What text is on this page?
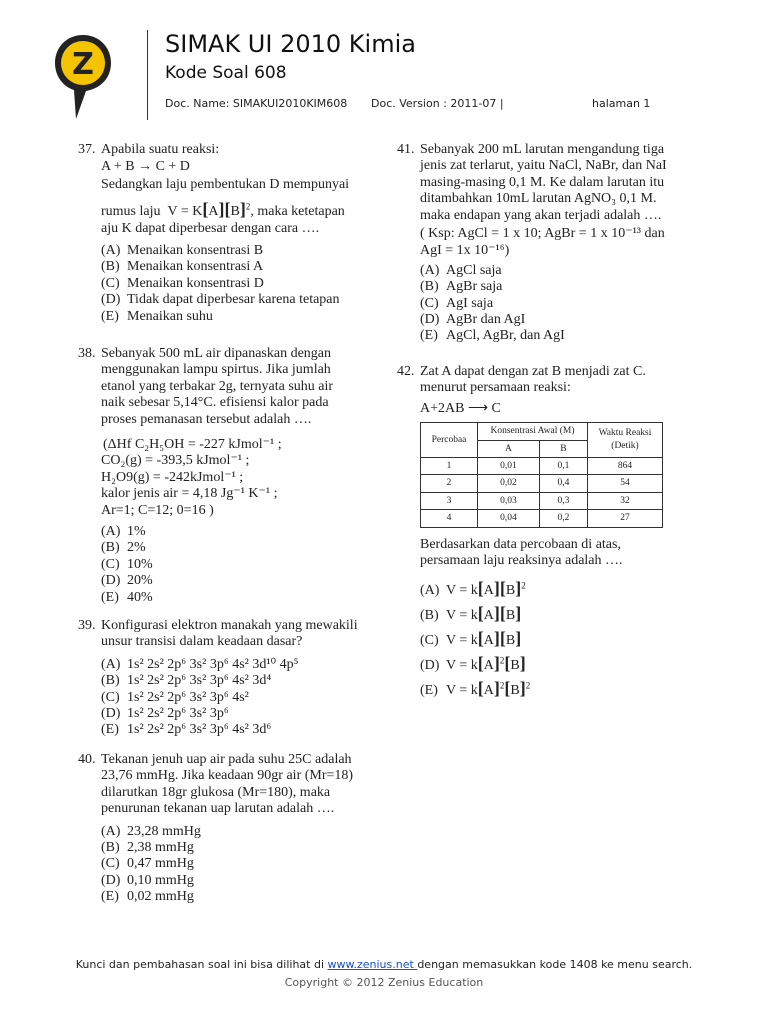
Z
SIMAK UI 2010 Kimia
Kode Soal 608
Doc. Name: SIMAKUI2010KIM608 Doc. Version : 2011-07 |	halaman 1
37. Apabila suatu reaksi:
A + B → C + D
Sedangkan laju pembentukan D mempunyai
rumus laju  $V = K[A][B]^2$, maka ketetapan
aju K dapat diperbesar dengan cara ….
(A) Menaikan konsentrasi B
(B) Menaikan konsentrasi A
(C) Menaikan konsentrasi D
(D) Tidak dapat diperbesar karena tetapan
(E) Menaikan suhu
38. Sebanyak 500 mL air dipanaskan dengan
menggunakan lampu spirtus. Jika jumlah
etanol yang terbakar 2g, ternyata suhu air
naik sebesar 5,14°C. efisiensi kalor pada
proses pemanasan tersebut adalah ….
(ΔHf C₂H₅OH = -227 kJmol⁻¹ ;
CO₂(g) = -393,5 kJmol⁻¹ ;
H₂O9(g) = -242kJmol⁻¹ ;
kalor jenis air = 4,18 Jg⁻¹ K⁻¹ ;
Ar=1; C=12; 0=16 )
(A) 1%
(B) 2%
(C) 10%
(D) 20%
(E) 40%
39. Konfigurasi elektron manakah yang mewakili
unsur transisi dalam keadaan dasar?
(A) 1s² 2s² 2p⁶ 3s² 3p⁶ 4s² 3d¹⁰ 4p⁵
(B) 1s² 2s² 2p⁶ 3s² 3p⁶ 4s² 3d⁴
(C) 1s² 2s² 2p⁶ 3s² 3p⁶ 4s²
(D) 1s² 2s² 2p⁶ 3s² 3p⁶
(E) 1s² 2s² 2p⁶ 3s² 3p⁶ 4s² 3d⁶
40. Tekanan jenuh uap air pada suhu 25C adalah
23,76 mmHg. Jika keadaan 90gr air (Mr=18)
dilarutkan 18gr glukosa (Mr=180), maka
penurunan tekanan uap larutan adalah ….
(A) 23,28 mmHg
(B) 2,38 mmHg
(C) 0,47 mmHg
(D) 0,10 mmHg
(E) 0,02 mmHg
41. Sebanyak 200 mL larutan mengandung tiga
jenis zat terlarut, yaitu NaCl, NaBr, dan NaI
masing-masing 0,1 M. Ke dalam larutan itu
ditambahkan 10mL larutan AgNO₃ 0,1 M.
maka endapan yang akan terjadi adalah ….
( Ksp: AgCl = 1 x 10; AgBr = 1 x 10⁻¹³ dan
AgI = 1x 10⁻¹⁶)
(A) AgCl saja
(B) AgBr saja
(C) AgI saja
(D) AgBr dan AgI
(E) AgCl, AgBr, dan AgI
42. Zat A dapat dengan zat B menjadi zat C.
menurut persamaan reaksi:
A+2AB ⟶ C
Percobaa	Konsentrasi Awal (M)		Waktu Reaksi (Detik)
	A	B	
1	0,01	0,1	864
2	0,02	0,4	54
3	0,03	0,3	32
4	0,04	0,2	27
Berdasarkan data percobaan di atas,
persamaan laju reaksinya adalah ….
(A) $V = k[A][B]^2$
(B) V = k[A][B]
(C) V = k[A][B]
(D) $V = k[A]^2[B]$
(E) $V = k[A]^2[B]^2$
Kunci dan pembahasan soal ini bisa dilihat di www.zenius.net dengan memasukkan kode 1408 ke menu search.
Copyright © 2012 Zenius Education
